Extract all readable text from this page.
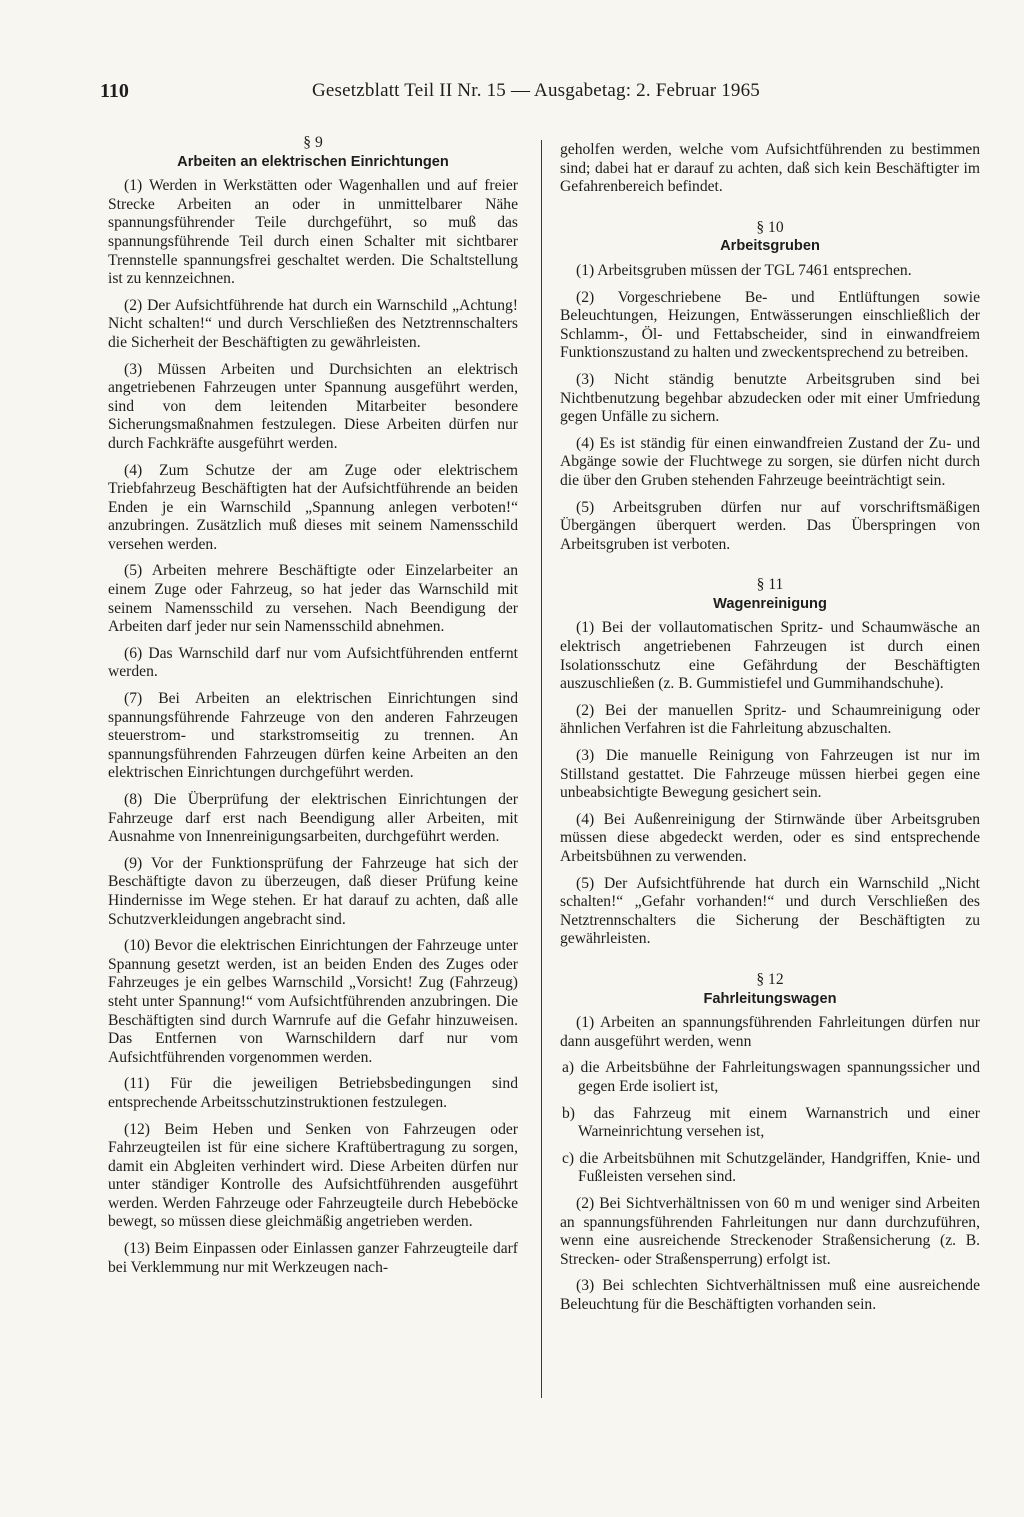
110	Gesetzblatt Teil II Nr. 15 — Ausgabetag: 2. Februar 1965
§ 9
Arbeiten an elektrischen Einrichtungen

(1) Werden in Werkstätten oder Wagenhallen und auf freier Strecke Arbeiten an oder in unmittelbarer Nähe spannungsführender Teile durchgeführt, so muß das spannungsführende Teil durch einen Schalter mit sichtbarer Trennstelle spannungsfrei geschaltet werden. Die Schaltstellung ist zu kennzeichnen.

(2) Der Aufsichtführende hat durch ein Warnschild „Achtung! Nicht schalten!“ und durch Verschließen des Netztrennschalters die Sicherheit der Beschäftigten zu gewährleisten.

(3) Müssen Arbeiten und Durchsichten an elektrisch angetriebenen Fahrzeugen unter Spannung ausgeführt werden, sind von dem leitenden Mitarbeiter besondere Sicherungsmaßnahmen festzulegen. Diese Arbeiten dürfen nur durch Fachkräfte ausgeführt werden.

(4) Zum Schutze der am Zuge oder elektrischem Triebfahrzeug Beschäftigten hat der Aufsichtführende an beiden Enden je ein Warnschild „Spannung anlegen verboten!“ anzubringen. Zusätzlich muß dieses mit seinem Namensschild versehen werden.

(5) Arbeiten mehrere Beschäftigte oder Einzelarbeiter an einem Zuge oder Fahrzeug, so hat jeder das Warnschild mit seinem Namensschild zu versehen. Nach Beendigung der Arbeiten darf jeder nur sein Namensschild abnehmen.

(6) Das Warnschild darf nur vom Aufsichtführenden entfernt werden.

(7) Bei Arbeiten an elektrischen Einrichtungen sind spannungsführende Fahrzeuge von den anderen Fahrzeugen steuerstrom- und starkstromseitig zu trennen. An spannungsführenden Fahrzeugen dürfen keine Arbeiten an den elektrischen Einrichtungen durchgeführt werden.

(8) Die Überprüfung der elektrischen Einrichtungen der Fahrzeuge darf erst nach Beendigung aller Arbeiten, mit Ausnahme von Innenreinigungsarbeiten, durchgeführt werden.

(9) Vor der Funktionsprüfung der Fahrzeuge hat sich der Beschäftigte davon zu überzeugen, daß dieser Prüfung keine Hindernisse im Wege stehen. Er hat darauf zu achten, daß alle Schutzverkleidungen angebracht sind.

(10) Bevor die elektrischen Einrichtungen der Fahrzeuge unter Spannung gesetzt werden, ist an beiden Enden des Zuges oder Fahrzeuges je ein gelbes Warnschild „Vorsicht! Zug (Fahrzeug) steht unter Spannung!“ vom Aufsichtführenden anzubringen. Die Beschäftigten sind durch Warnrufe auf die Gefahr hinzuweisen. Das Entfernen von Warnschildern darf nur vom Aufsichtführenden vorgenommen werden.

(11) Für die jeweiligen Betriebsbedingungen sind entsprechende Arbeitsschutzinstruktionen festzulegen.

(12) Beim Heben und Senken von Fahrzeugen oder Fahrzeugteilen ist für eine sichere Kraftübertragung zu sorgen, damit ein Abgleiten verhindert wird. Diese Arbeiten dürfen nur unter ständiger Kontrolle des Aufsichtführenden ausgeführt werden. Werden Fahrzeuge oder Fahrzeugteile durch Hebeböcke bewegt, so müssen diese gleichmäßig angetrieben werden.

(13) Beim Einpassen oder Einlassen ganzer Fahrzeugteile darf bei Verklemmung nur mit Werkzeugen nach-

geholfen werden, welche vom Aufsichtführenden zu bestimmen sind; dabei hat er darauf zu achten, daß sich kein Beschäftigter im Gefahrenbereich befindet.

§ 10
Arbeitsgruben

(1) Arbeitsgruben müssen der TGL 7461 entsprechen.

(2) Vorgeschriebene Be- und Entlüftungen sowie Beleuchtungen, Heizungen, Entwässerungen einschließlich der Schlamm-, Öl- und Fettabscheider, sind in einwandfreiem Funktionszustand zu halten und zweckentsprechend zu betreiben.

(3) Nicht ständig benutzte Arbeitsgruben sind bei Nichtbenutzung begehbar abzudecken oder mit einer Umfriedung gegen Unfälle zu sichern.

(4) Es ist ständig für einen einwandfreien Zustand der Zu- und Abgänge sowie der Fluchtwege zu sorgen, sie dürfen nicht durch die über den Gruben stehenden Fahrzeuge beeinträchtigt sein.

(5) Arbeitsgruben dürfen nur auf vorschriftsmäßigen Übergängen überquert werden. Das Überspringen von Arbeitsgruben ist verboten.

§ 11
Wagenreinigung

(1) Bei der vollautomatischen Spritz- und Schaumwäsche an elektrisch angetriebenen Fahrzeugen ist durch einen Isolationsschutz eine Gefährdung der Beschäftigten auszuschließen (z. B. Gummistiefel und Gummihandschuhe).

(2) Bei der manuellen Spritz- und Schaumreinigung oder ähnlichen Verfahren ist die Fahrleitung abzuschalten.

(3) Die manuelle Reinigung von Fahrzeugen ist nur im Stillstand gestattet. Die Fahrzeuge müssen hierbei gegen eine unbeabsichtigte Bewegung gesichert sein.

(4) Bei Außenreinigung der Stirnwände über Arbeitsgruben müssen diese abgedeckt werden, oder es sind entsprechende Arbeitsbühnen zu verwenden.

(5) Der Aufsichtführende hat durch ein Warnschild „Nicht schalten!“ „Gefahr vorhanden!“ und durch Verschließen des Netztrennschalters die Sicherung der Beschäftigten zu gewährleisten.

§ 12
Fahrleitungswagen

(1) Arbeiten an spannungsführenden Fahrleitungen dürfen nur dann ausgeführt werden, wenn

a) die Arbeitsbühne der Fahrleitungswagen spannungssicher und gegen Erde isoliert ist,
b) das Fahrzeug mit einem Warnanstrich und einer Warneinrichtung versehen ist,
c) die Arbeitsbühnen mit Schutzgeländer, Handgriffen, Knie- und Fußleisten versehen sind.

(2) Bei Sichtverhältnissen von 60 m und weniger sind Arbeiten an spannungsführenden Fahrleitungen nur dann durchzuführen, wenn eine ausreichende Streckenoder Straßensicherung (z. B. Strecken- oder Straßensperrung) erfolgt ist.

(3) Bei schlechten Sichtverhältnissen muß eine ausreichende Beleuchtung für die Beschäftigten vorhanden sein.
